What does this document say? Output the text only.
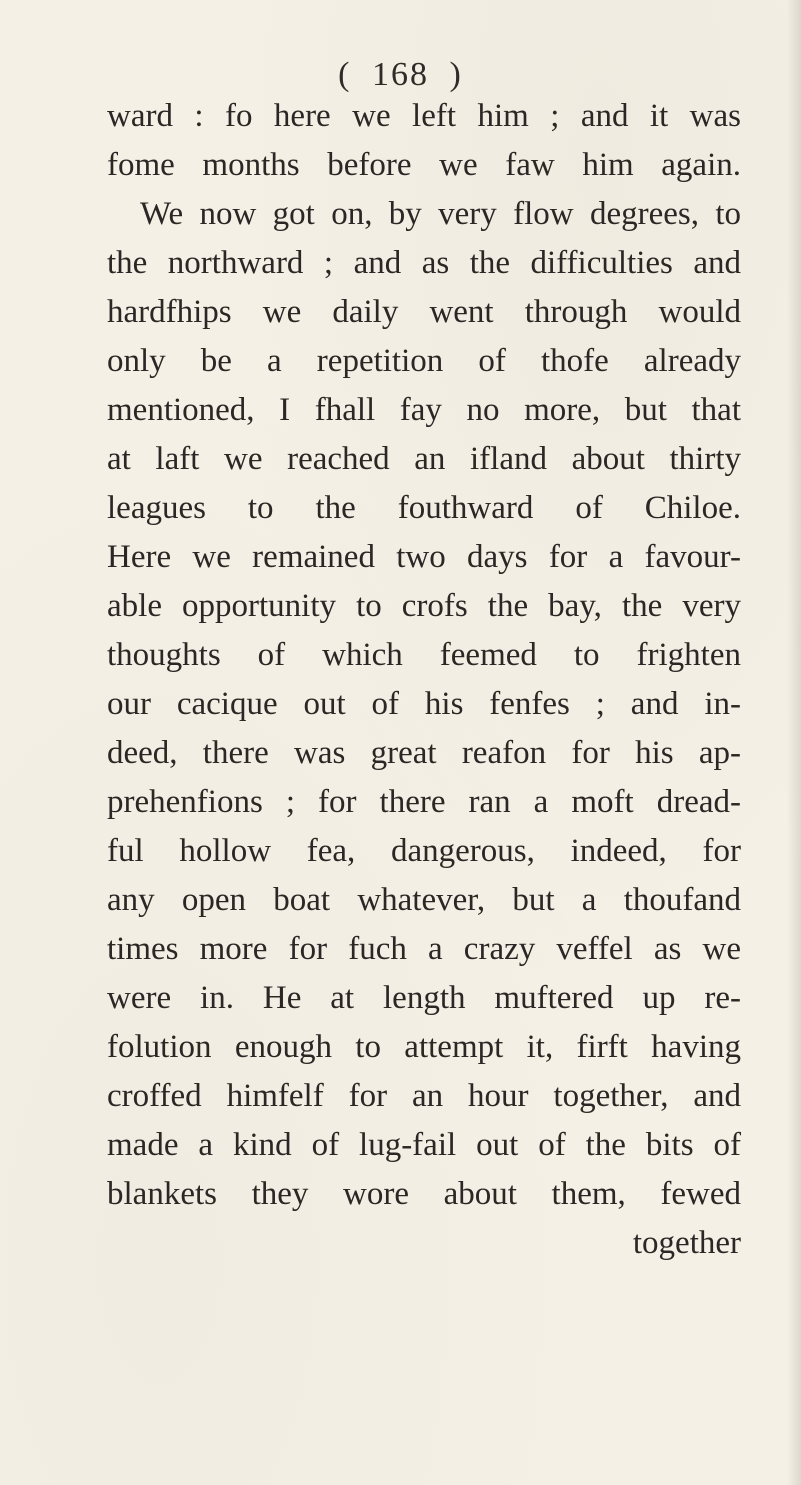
( 168 )
ward : fo here we left him ; and it was
fome months before we faw him again.
We now got on, by very flow degrees, to
the northward ; and as the difficulties and
hardfhips we daily went through would
only be a repetition of thofe already
mentioned, I fhall fay no more, but that
at laft we reached an ifland about thirty
leagues to the fouthward of Chiloe.
Here we remained two days for a favour-
able opportunity to crofs the bay, the very
thoughts of which feemed to frighten
our cacique out of his fenfes ; and in-
deed, there was great reafon for his ap-
prehenfions ; for there ran a moft dread-
ful hollow fea, dangerous, indeed, for
any open boat whatever, but a thoufand
times more for fuch a crazy veffel as we
were in. He at length muftered up re-
folution enough to attempt it, firft having
croffed himfelf for an hour together, and
made a kind of lug-fail out of the bits of
blankets they wore about them, fewed
together
